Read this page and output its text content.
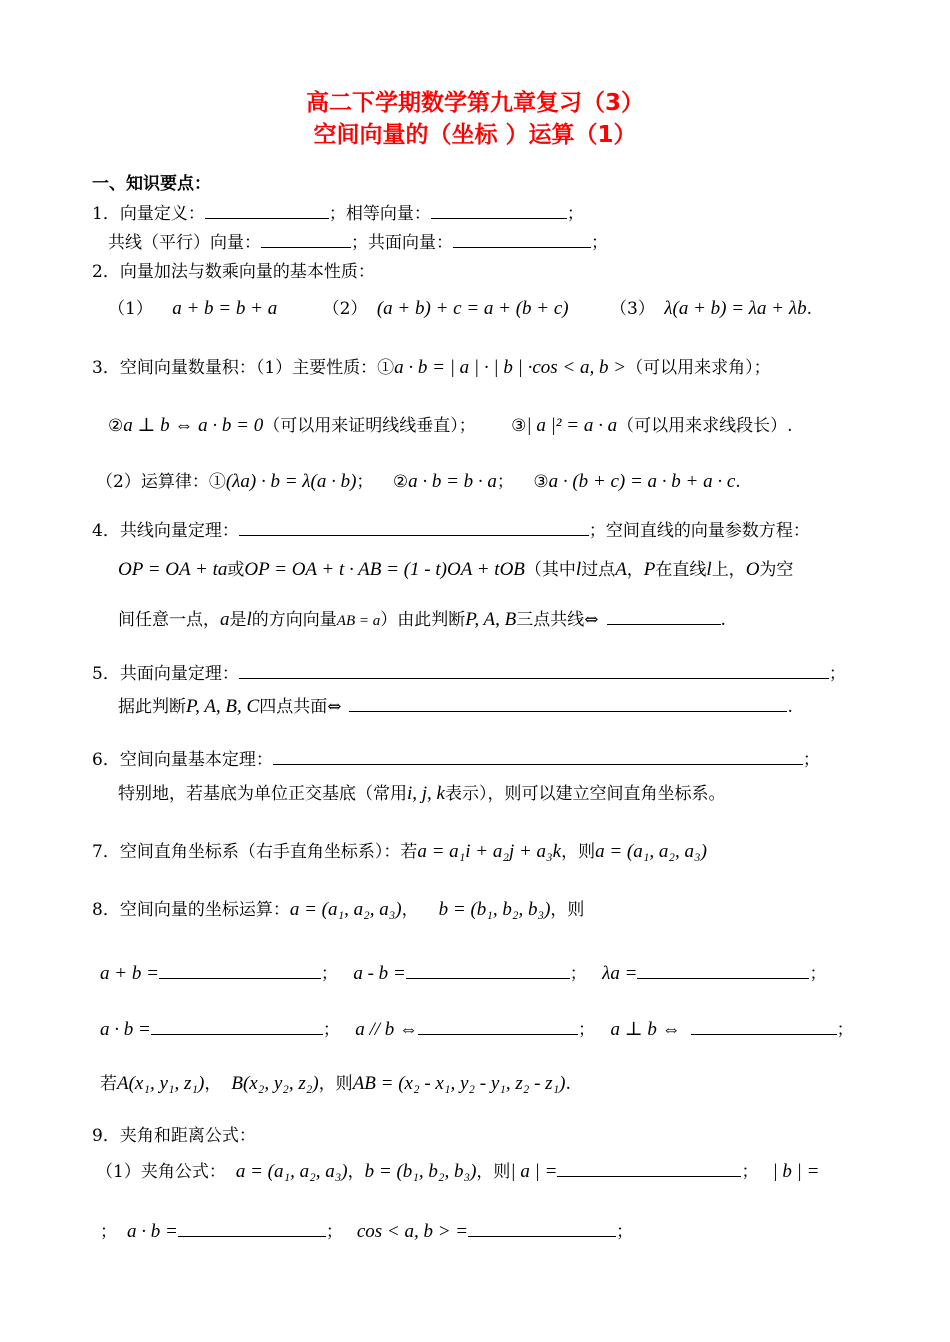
高二下学期数学第九章复习（3）
空间向量的（坐标 ）运算（1）
一、知识要点：
1．向量定义：	；相等向量：	；
共线（平行）向量：	；共面向量：	；
2．向量加法与数乘向量的基本性质：
（1） a + b = b + a	（2） (a + b) + c = a + (b + c) （3） λ(a + b) = λa + λb.
3．空间向量数量积：（1）主要性质：①a · b = | a | · | b | ·cos < a, b >（可以用来求角）；
②a ⊥ b ⇔ a · b = 0（可以用来证明线线垂直）； ③| a |² = a · a（可以用来求线段长）.
（2）运算律：①(λa) · b = λ(a · b)； ②a · b = b · a； ③a · (b + c) = a · b + a · c.
4．共线向量定理：	；空间直线的向量参数方程：
OP = OA + ta或OP = OA + t · AB = (1 - t)OA + tOB（其中l过点A，P在直线l上，O为空
间任意一点，a是l的方向向量AB = a）由此判断P, A, B三点共线⇔	.
5．共面向量定理：	；
据此判断P, A, B, C四点共面⇔	.
6．空间向量基本定理：	；
特别地，若基底为单位正交基底（常用i, j, k表示），则可以建立空间直角坐标系。
7．空间直角坐标系（右手直角坐标系）：若a = a₁i + a₂j + a₃k，则a = (a₁, a₂, a₃)
8．空间向量的坐标运算：a = (a₁, a₂, a₃)， b = (b₁, b₂, b₃)，则
a + b =	； a - b =	； λa =	；
a · b =	； a // b ⇔	； a ⊥ b ⇔	；
若A(x₁, y₁, z₁)， B(x₂, y₂, z₂)，则AB = (x₂ - x₁, y₂ - y₁, z₂ - z₁).
9．夹角和距离公式：
（1）夹角公式： a = (a₁, a₂, a₃)，b = (b₁, b₂, b₃)，则| a | =	； | b | =
； a · b =	； cos < a, b > =	；
